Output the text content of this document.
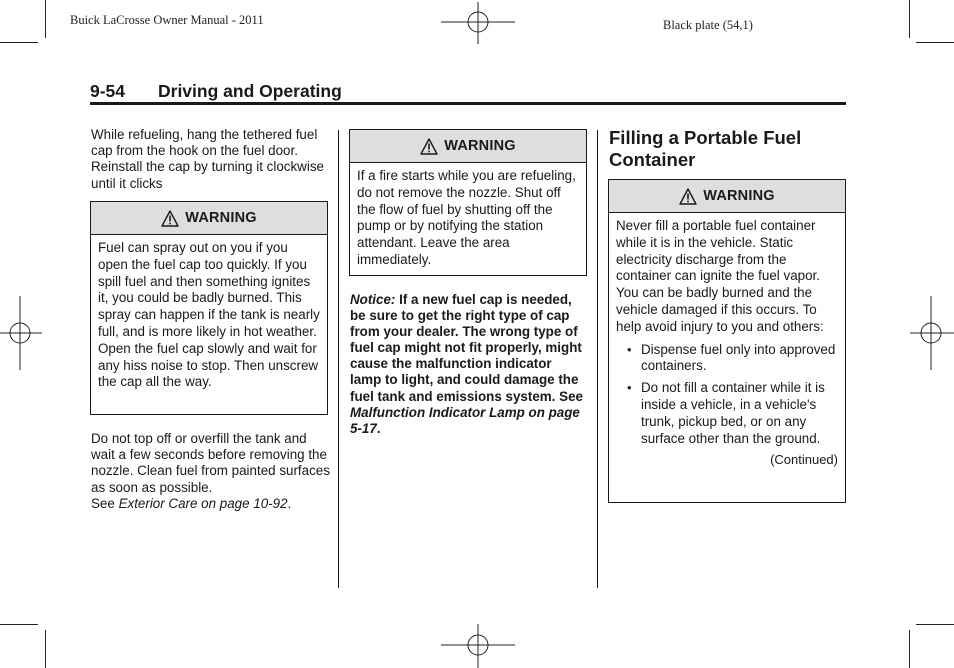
Buick LaCrosse Owner Manual - 2011	Black plate (54,1)
9-54 Driving and Operating
While refueling, hang the tethered fuel cap from the hook on the fuel door. Reinstall the cap by turning it clockwise until it clicks
WARNING
Fuel can spray out on you if you open the fuel cap too quickly. If you spill fuel and then something ignites it, you could be badly burned. This spray can happen if the tank is nearly full, and is more likely in hot weather. Open the fuel cap slowly and wait for any hiss noise to stop. Then unscrew the cap all the way.
Do not top off or overfill the tank and wait a few seconds before removing the nozzle. Clean fuel from painted surfaces as soon as possible.
See Exterior Care on page 10-92.
WARNING
If a fire starts while you are refueling, do not remove the nozzle. Shut off the flow of fuel by shutting off the pump or by notifying the station attendant. Leave the area immediately.
Notice: If a new fuel cap is needed, be sure to get the right type of cap from your dealer. The wrong type of fuel cap might not fit properly, might cause the malfunction indicator lamp to light, and could damage the fuel tank and emissions system. See Malfunction Indicator Lamp on page 5-17.
Filling a Portable Fuel Container
WARNING
Never fill a portable fuel container while it is in the vehicle. Static electricity discharge from the container can ignite the fuel vapor. You can be badly burned and the vehicle damaged if this occurs. To help avoid injury to you and others:
• Dispense fuel only into approved containers.
• Do not fill a container while it is inside a vehicle, in a vehicle's trunk, pickup bed, or on any surface other than the ground.
(Continued)
